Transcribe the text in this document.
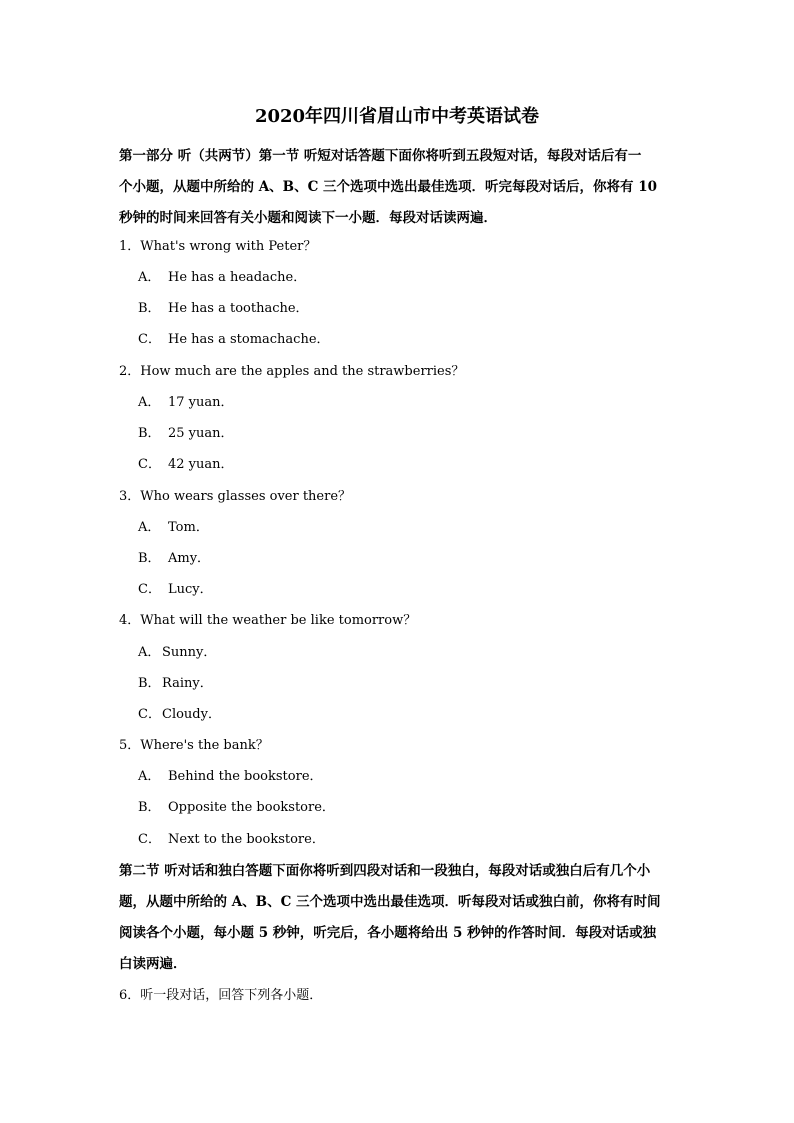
2020年四川省眉山市中考英语试卷
第一部分 听（共两节）第一节 听短对话答题下面你将听到五段短对话，每段对话后有一
个小题，从题中所给的 A、B、C 三个选项中选出最佳选项．听完每段对话后，你将有 10
秒钟的时间来回答有关小题和阅读下一小题．每段对话读两遍．
1．What's wrong with Peter？
A． He has a headache．
B． He has a toothache．
C． He has a stomachache．
2．How much are the apples and the strawberries？
A． 17 yuan．
B． 25 yuan．
C． 42 yuan．
3．Who wears glasses over there？
A． Tom．
B． Amy．
C． Lucy．
4．What will the weather be like tomorrow？
A． Sunny．
B．Rainy．
C．Cloudy．
5．Where's the bank？
A． Behind the bookstore．
B． Opposite the bookstore．
C． Next to the bookstore．
第二节 听对话和独白答题下面你将听到四段对话和一段独白，每段对话或独白后有几个小
题，从题中所给的 A、B、C 三个选项中选出最佳选项．听每段对话或独白前，你将有时间
阅读各个小题，每小题 5 秒钟，听完后，各小题将给出 5 秒钟的作答时间．每段对话或独
白读两遍．
6．听一段对话，回答下列各小题．
